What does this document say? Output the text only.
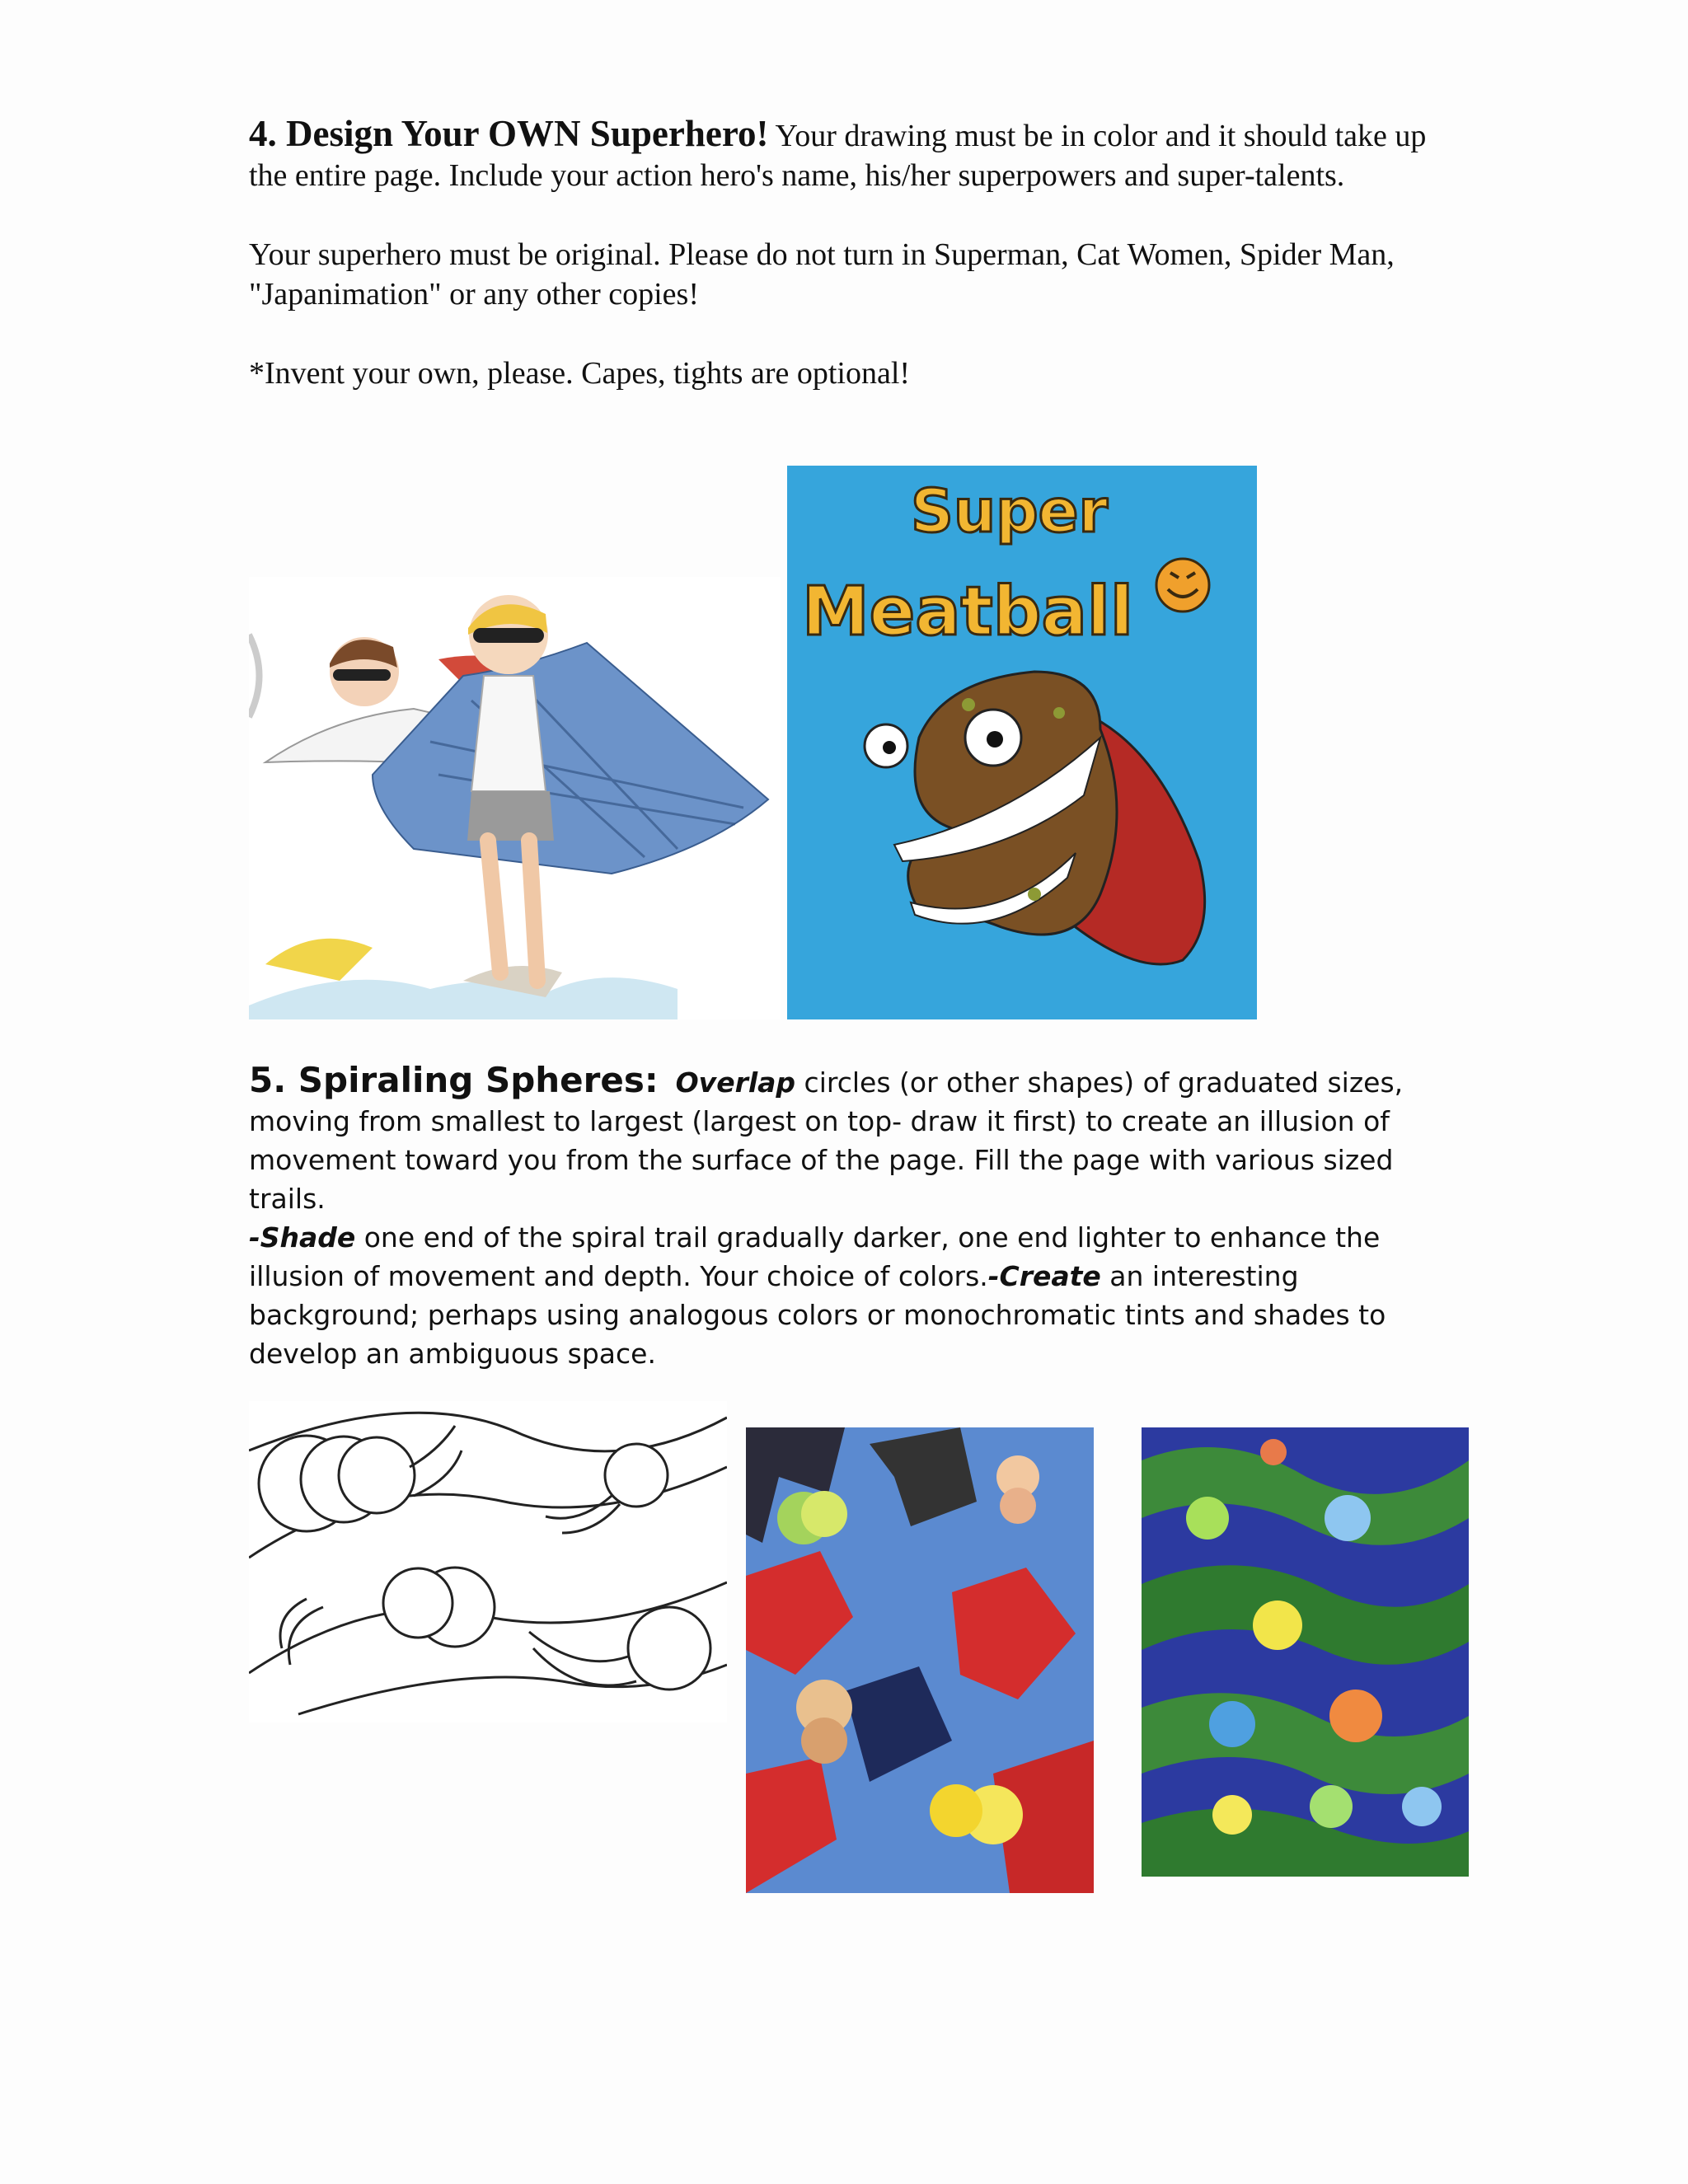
4. Design Your OWN Superhero! Your drawing must be in color and it should take up the entire page. Include your action hero's name, his/her superpowers and super-talents.

Your superhero must be original. Please do not turn in Superman, Cat Women, Spider Man, "Japanimation" or any other copies!

*Invent your own, please. Capes, tights are optional!

Super
Meatball

5. Spiraling Spheres: Overlap circles (or other shapes) of graduated sizes, moving from smallest to largest (largest on top- draw it first) to create an illusion of movement toward you from the surface of the page. Fill the page with various sized trails.

-Shade one end of the spiral trail gradually darker, one end lighter to enhance the illusion of movement and depth. Your choice of colors.-Create an interesting background; perhaps using analogous colors or monochromatic tints and shades to develop an ambiguous space.
